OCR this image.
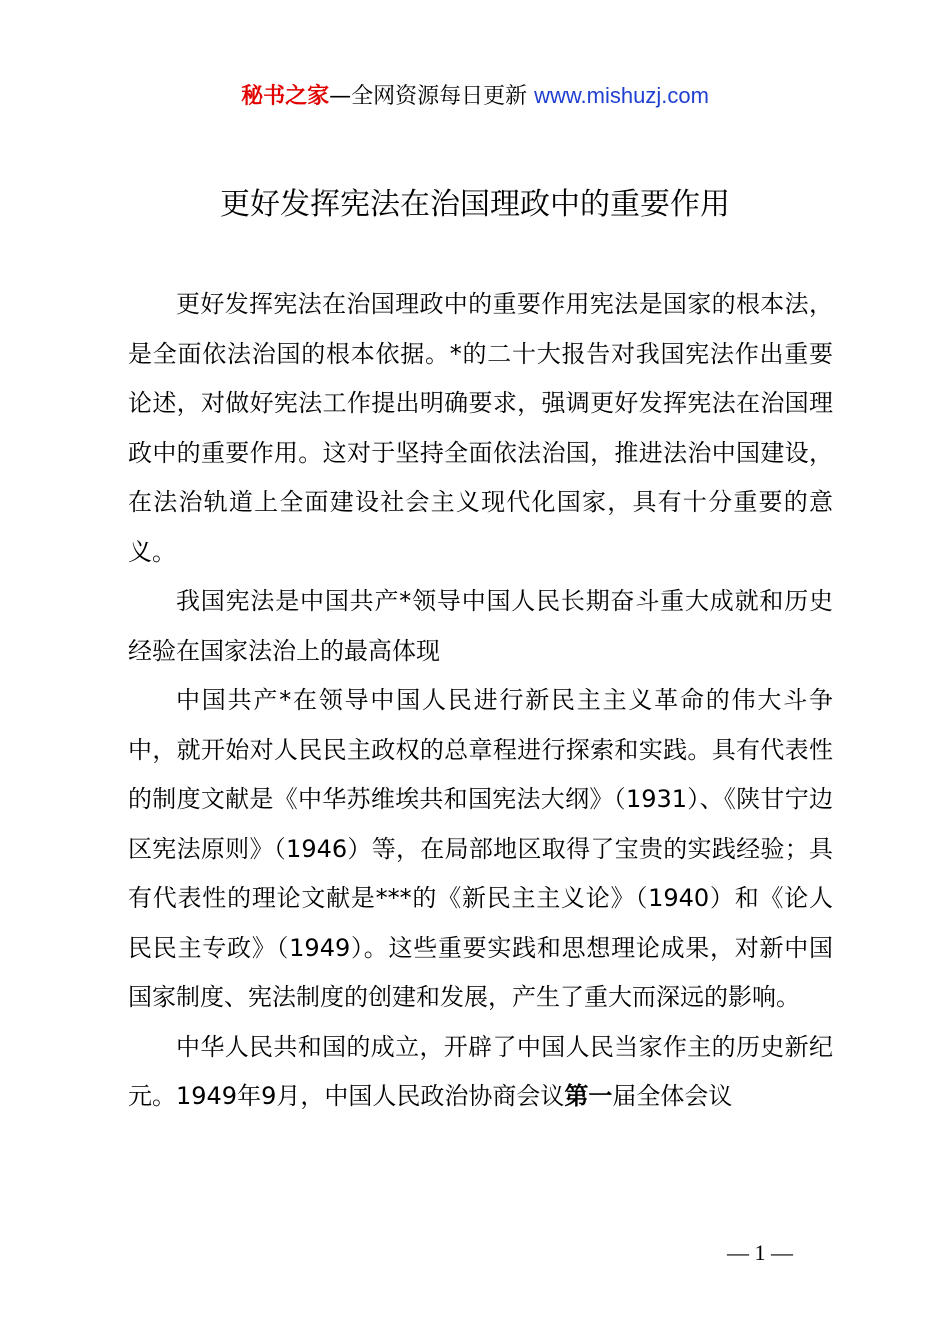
秘书之家—全网资源每日更新 www.mishuzj.com
更好发挥宪法在治国理政中的重要作用

更好发挥宪法在治国理政中的重要作用宪法是国家的根本法，是全面依法治国的根本依据。*的二十大报告对我国宪法作出重要论述，对做好宪法工作提出明确要求，强调更好发挥宪法在治国理政中的重要作用。这对于坚持全面依法治国，推进法治中国建设，在法治轨道上全面建设社会主义现代化国家，具有十分重要的意义。

我国宪法是中国共产*领导中国人民长期奋斗重大成就和历史经验在国家法治上的最高体现

中国共产*在领导中国人民进行新民主主义革命的伟大斗争中，就开始对人民民主政权的总章程进行探索和实践。具有代表性的制度文献是《中华苏维埃共和国宪法大纲》（1931）、《陕甘宁边区宪法原则》（1946）等，在局部地区取得了宝贵的实践经验；具有代表性的理论文献是***的《新民主主义论》（1940）和《论人民民主专政》（1949）。这些重要实践和思想理论成果，对新中国国家制度、宪法制度的创建和发展，产生了重大而深远的影响。

中华人民共和国的成立，开辟了中国人民当家作主的历史新纪元。1949年9月，中国人民政治协商会议第一届全体会议

— 1 —
